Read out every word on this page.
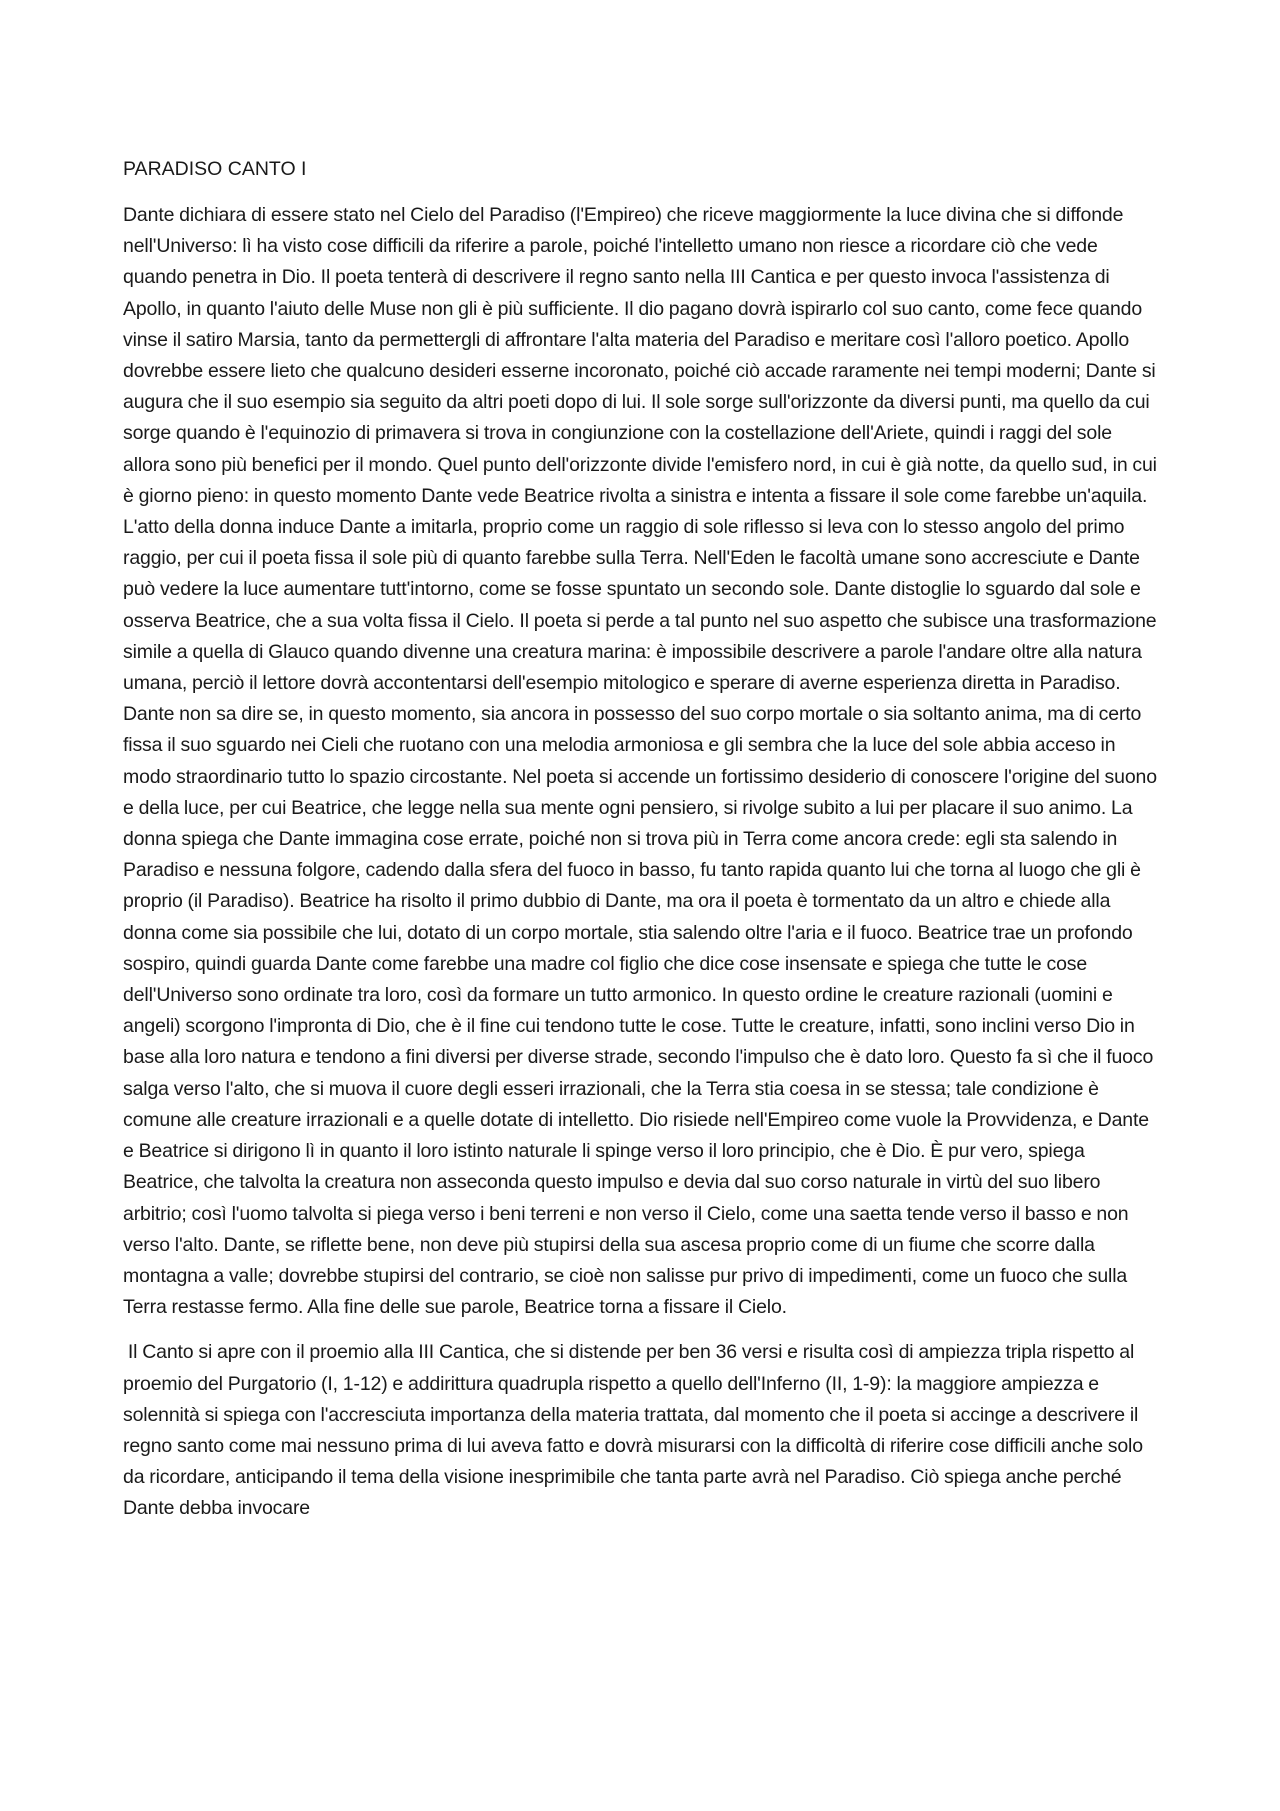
PARADISO CANTO I

Dante dichiara di essere stato nel Cielo del Paradiso (l'Empireo) che riceve maggiormente la luce divina che si diffonde nell'Universo: lì ha visto cose difficili da riferire a parole, poiché l'intelletto umano non riesce a ricordare ciò che vede quando penetra in Dio. Il poeta tenterà di descrivere il regno santo nella III Cantica e per questo invoca l'assistenza di Apollo, in quanto l'aiuto delle Muse non gli è più sufficiente. Il dio pagano dovrà ispirarlo col suo canto, come fece quando vinse il satiro Marsia, tanto da permettergli di affrontare l'alta materia del Paradiso e meritare così l'alloro poetico. Apollo dovrebbe essere lieto che qualcuno desideri esserne incoronato, poiché ciò accade raramente nei tempi moderni; Dante si augura che il suo esempio sia seguito da altri poeti dopo di lui. Il sole sorge sull'orizzonte da diversi punti, ma quello da cui sorge quando è l'equinozio di primavera si trova in congiunzione con la costellazione dell'Ariete, quindi i raggi del sole allora sono più benefici per il mondo. Quel punto dell'orizzonte divide l'emisfero nord, in cui è già notte, da quello sud, in cui è giorno pieno: in questo momento Dante vede Beatrice rivolta a sinistra e intenta a fissare il sole come farebbe un'aquila. L'atto della donna induce Dante a imitarla, proprio come un raggio di sole riflesso si leva con lo stesso angolo del primo raggio, per cui il poeta fissa il sole più di quanto farebbe sulla Terra. Nell'Eden le facoltà umane sono accresciute e Dante può vedere la luce aumentare tutt'intorno, come se fosse spuntato un secondo sole. Dante distoglie lo sguardo dal sole e osserva Beatrice, che a sua volta fissa il Cielo. Il poeta si perde a tal punto nel suo aspetto che subisce una trasformazione simile a quella di Glauco quando divenne una creatura marina: è impossibile descrivere a parole l'andare oltre alla natura umana, perciò il lettore dovrà accontentarsi dell'esempio mitologico e sperare di averne esperienza diretta in Paradiso. Dante non sa dire se, in questo momento, sia ancora in possesso del suo corpo mortale o sia soltanto anima, ma di certo fissa il suo sguardo nei Cieli che ruotano con una melodia armoniosa e gli sembra che la luce del sole abbia acceso in modo straordinario tutto lo spazio circostante. Nel poeta si accende un fortissimo desiderio di conoscere l'origine del suono e della luce, per cui Beatrice, che legge nella sua mente ogni pensiero, si rivolge subito a lui per placare il suo animo. La donna spiega che Dante immagina cose errate, poiché non si trova più in Terra come ancora crede: egli sta salendo in Paradiso e nessuna folgore, cadendo dalla sfera del fuoco in basso, fu tanto rapida quanto lui che torna al luogo che gli è proprio (il Paradiso). Beatrice ha risolto il primo dubbio di Dante, ma ora il poeta è tormentato da un altro e chiede alla donna come sia possibile che lui, dotato di un corpo mortale, stia salendo oltre l'aria e il fuoco. Beatrice trae un profondo sospiro, quindi guarda Dante come farebbe una madre col figlio che dice cose insensate e spiega che tutte le cose dell'Universo sono ordinate tra loro, così da formare un tutto armonico. In questo ordine le creature razionali (uomini e angeli) scorgono l'impronta di Dio, che è il fine cui tendono tutte le cose. Tutte le creature, infatti, sono inclini verso Dio in base alla loro natura e tendono a fini diversi per diverse strade, secondo l'impulso che è dato loro. Questo fa sì che il fuoco salga verso l'alto, che si muova il cuore degli esseri irrazionali, che la Terra stia coesa in se stessa; tale condizione è comune alle creature irrazionali e a quelle dotate di intelletto. Dio risiede nell'Empireo come vuole la Provvidenza, e Dante e Beatrice si dirigono lì in quanto il loro istinto naturale li spinge verso il loro principio, che è Dio. È pur vero, spiega Beatrice, che talvolta la creatura non asseconda questo impulso e devia dal suo corso naturale in virtù del suo libero arbitrio; così l'uomo talvolta si piega verso i beni terreni e non verso il Cielo, come una saetta tende verso il basso e non verso l'alto. Dante, se riflette bene, non deve più stupirsi della sua ascesa proprio come di un fiume che scorre dalla montagna a valle; dovrebbe stupirsi del contrario, se cioè non salisse pur privo di impedimenti, come un fuoco che sulla Terra restasse fermo. Alla fine delle sue parole, Beatrice torna a fissare il Cielo.

Il Canto si apre con il proemio alla III Cantica, che si distende per ben 36 versi e risulta così di ampiezza tripla rispetto al proemio del Purgatorio (I, 1-12) e addirittura quadrupla rispetto a quello dell'Inferno (II, 1-9): la maggiore ampiezza e solennità si spiega con l'accresciuta importanza della materia trattata, dal momento che il poeta si accinge a descrivere il regno santo come mai nessuno prima di lui aveva fatto e dovrà misurarsi con la difficoltà di riferire cose difficili anche solo da ricordare, anticipando il tema della visione inesprimibile che tanta parte avrà nel Paradiso. Ciò spiega anche perché Dante debba invocare
